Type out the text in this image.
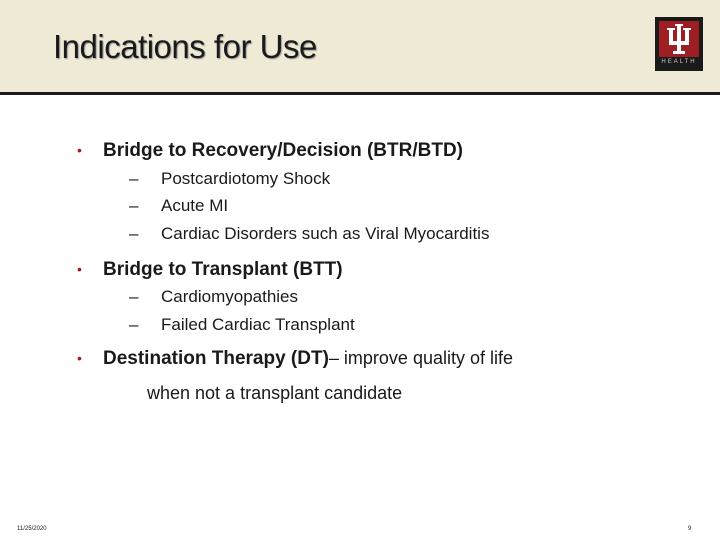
Indications for Use	HEALTH
• Bridge to Recovery/Decision (BTR/BTD)
– Postcardiotomy Shock
– Acute MI
– Cardiac Disorders such as Viral Myocarditis
• Bridge to Transplant (BTT)
– Cardiomyopathies
– Failed Cardiac Transplant
• Destination Therapy (DT)– improve quality of life
when not a transplant candidate
11/25/2020	9
